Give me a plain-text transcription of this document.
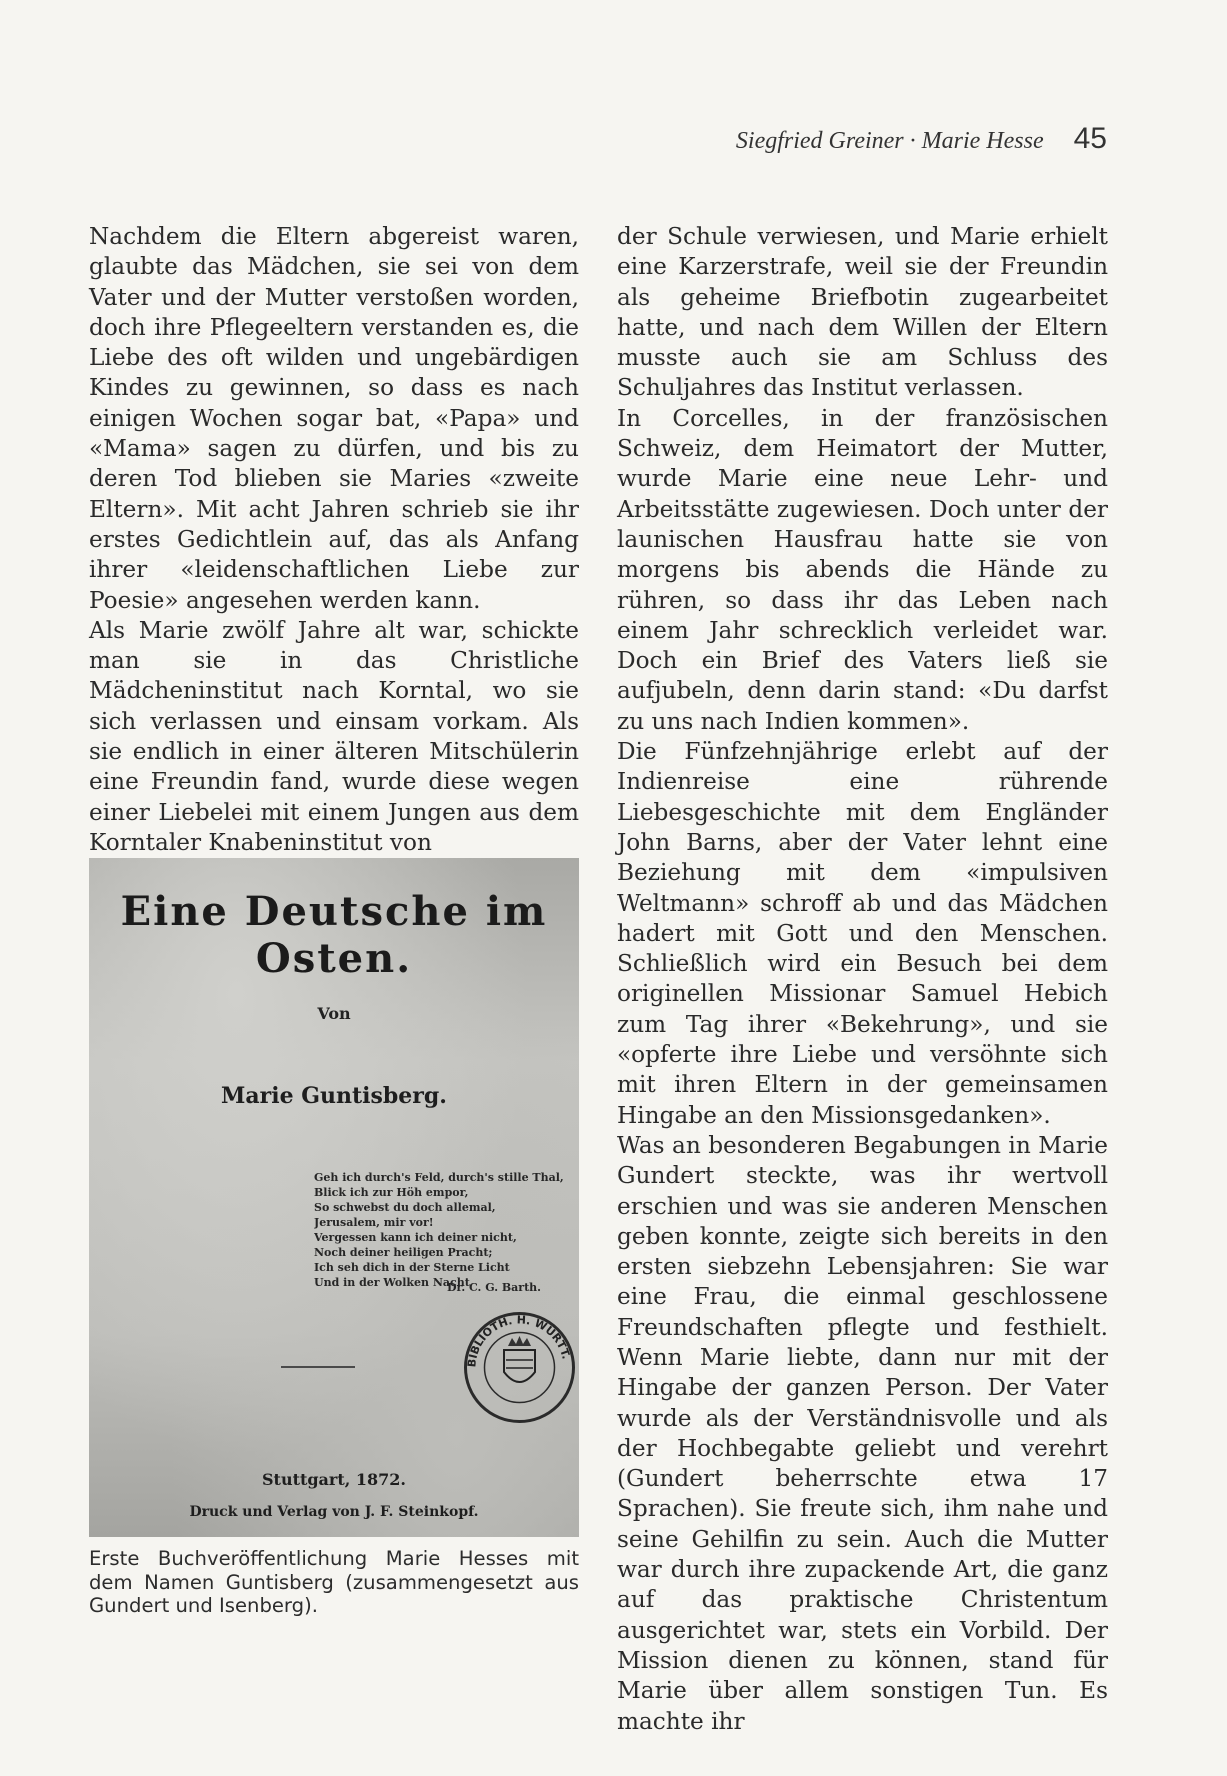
Siegfried Greiner · Marie Hesse 45

Nachdem die Eltern abgereist waren, glaubte das Mädchen, sie sei von dem Vater und der Mutter verstoßen worden, doch ihre Pflegeeltern verstanden es, die Liebe des oft wilden und ungebärdigen Kindes zu gewinnen, so dass es nach einigen Wochen sogar bat, «Papa» und «Mama» sagen zu dürfen, und bis zu deren Tod blieben sie Maries «zweite Eltern». Mit acht Jahren schrieb sie ihr erstes Gedichtlein auf, das als Anfang ihrer «leidenschaftlichen Liebe zur Poesie» angesehen werden kann.

Als Marie zwölf Jahre alt war, schickte man sie in das Christliche Mädcheninstitut nach Korntal, wo sie sich verlassen und einsam vorkam. Als sie endlich in einer älteren Mitschülerin eine Freundin fand, wurde diese wegen einer Liebelei mit einem Jungen aus dem Korntaler Knabeninstitut von

Eine Deutsche im Osten.
Von
Marie Guntisberg.
Geh ich durch's Feld, durch's stille Thal,
Blick ich zur Höh empor,
So schwebst du doch allemal,
Jerusalem, mir vor!
Vergessen kann ich deiner nicht,
Noch deiner heiligen Pracht;
Ich seh dich in der Sterne Licht
Und in der Wolken Nacht
Dr. C. G. Barth.
BIBLIOTH. H. WÜRTT.
Stuttgart, 1872.
Druck und Verlag von J. F. Steinkopf.
Erste Buchveröffentlichung Marie Hesses mit dem Namen Guntisberg (zusammengesetzt aus Gundert und Isenberg).

der Schule verwiesen, und Marie erhielt eine Karzerstrafe, weil sie der Freundin als geheime Briefbotin zugearbeitet hatte, und nach dem Willen der Eltern musste auch sie am Schluss des Schuljahres das Institut verlassen.

In Corcelles, in der französischen Schweiz, dem Heimatort der Mutter, wurde Marie eine neue Lehr- und Arbeitsstätte zugewiesen. Doch unter der launischen Hausfrau hatte sie von morgens bis abends die Hände zu rühren, so dass ihr das Leben nach einem Jahr schrecklich verleidet war. Doch ein Brief des Vaters ließ sie aufjubeln, denn darin stand: «Du darfst zu uns nach Indien kommen».

Die Fünfzehnjährige erlebt auf der Indienreise eine rührende Liebesgeschichte mit dem Engländer John Barns, aber der Vater lehnt eine Beziehung mit dem «impulsiven Weltmann» schroff ab und das Mädchen hadert mit Gott und den Menschen. Schließlich wird ein Besuch bei dem originellen Missionar Samuel Hebich zum Tag ihrer «Bekehrung», und sie «opferte ihre Liebe und versöhnte sich mit ihren Eltern in der gemeinsamen Hingabe an den Missionsgedanken».

Was an besonderen Begabungen in Marie Gundert steckte, was ihr wertvoll erschien und was sie anderen Menschen geben konnte, zeigte sich bereits in den ersten siebzehn Lebensjahren: Sie war eine Frau, die einmal geschlossene Freundschaften pflegte und festhielt. Wenn Marie liebte, dann nur mit der Hingabe der ganzen Person. Der Vater wurde als der Verständnisvolle und als der Hochbegabte geliebt und verehrt (Gundert beherrschte etwa 17 Sprachen). Sie freute sich, ihm nahe und seine Gehilfin zu sein. Auch die Mutter war durch ihre zupackende Art, die ganz auf das praktische Christentum ausgerichtet war, stets ein Vorbild. Der Mission dienen zu können, stand für Marie über allem sonstigen Tun. Es machte ihr
